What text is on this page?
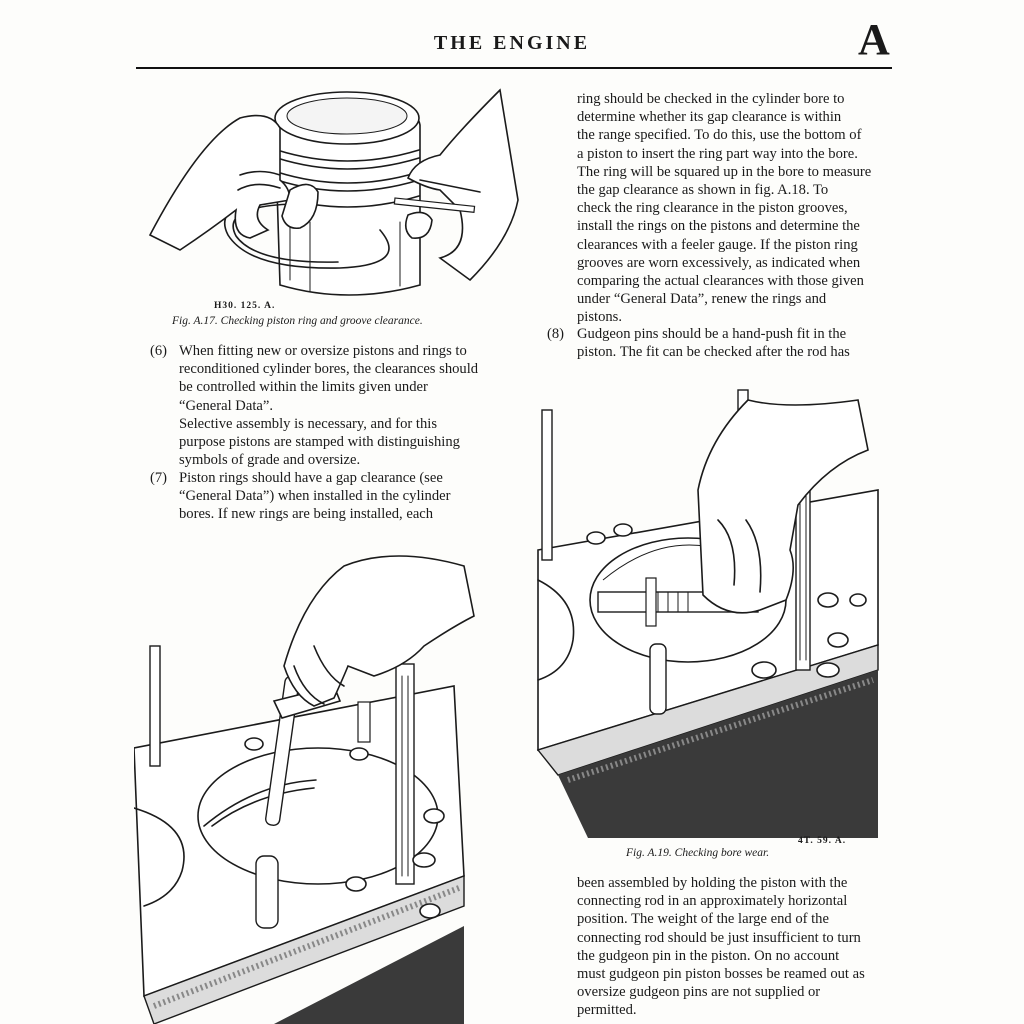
THE ENGINE	A
H30. 125. A.
Fig. A.17. Checking piston ring and groove clearance.
(6) When fitting new or oversize pistons and rings to
reconditioned cylinder bores, the clearances should
be controlled within the limits given under
“General Data”.
Selective assembly is necessary, and for this
purpose pistons are stamped with distinguishing
symbols of grade and oversize.
(7) Piston rings should have a gap clearance (see
“General Data”) when installed in the cylinder
bores. If new rings are being installed, each
ring should be checked in the cylinder bore to
determine whether its gap clearance is within
the range specified. To do this, use the bottom of
a piston to insert the ring part way into the bore.
The ring will be squared up in the bore to measure
the gap clearance as shown in fig. A.18. To
check the ring clearance in the piston grooves,
install the rings on the pistons and determine the
clearances with a feeler gauge. If the piston ring
grooves are worn excessively, as indicated when
comparing the actual clearances with those given
under “General Data”, renew the rings and
pistons.
(8) Gudgeon pins should be a hand-push fit in the
piston. The fit can be checked after the rod has
4T. 59. A.
Fig. A.19. Checking bore wear.
been assembled by holding the piston with the
connecting rod in an approximately horizontal
position. The weight of the large end of the
connecting rod should be just insufficient to turn
the gudgeon pin in the piston. On no account
must gudgeon pin piston bosses be reamed out as
oversize gudgeon pins are not supplied or
permitted.
